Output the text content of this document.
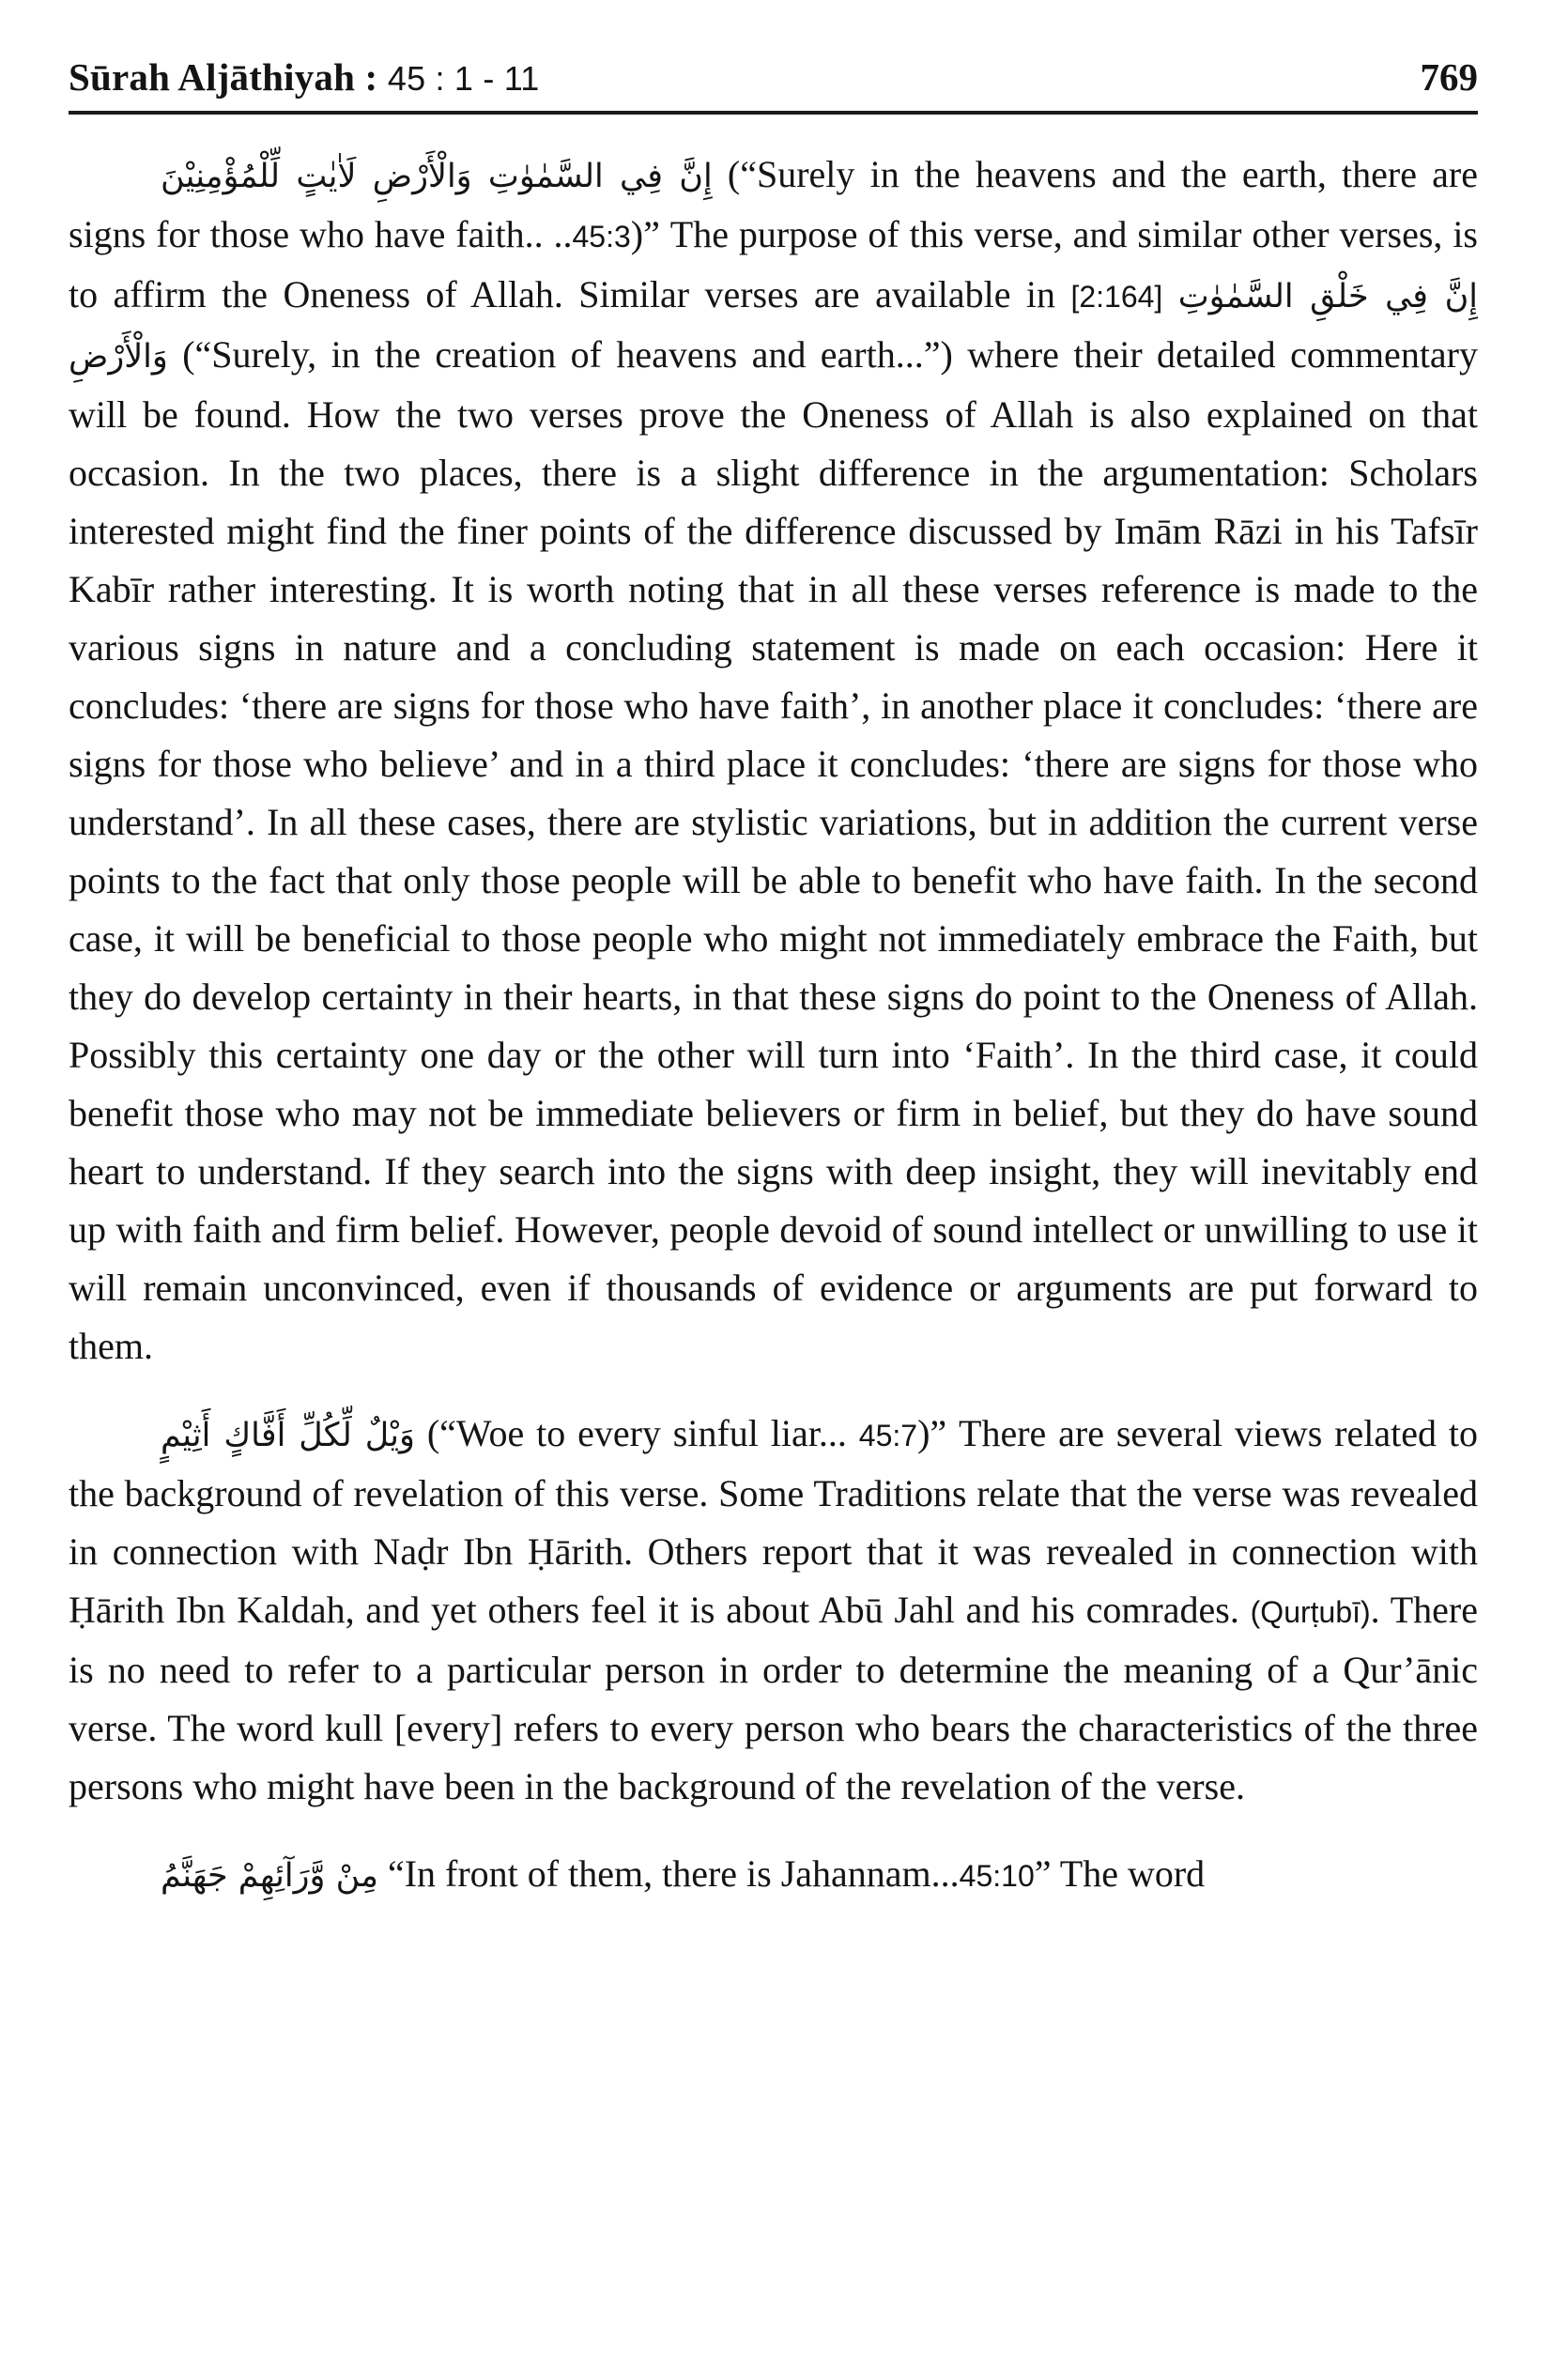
Sūrah Aljāthiyah : 45 : 1 - 11	769

إِنَّ فِي السَّمٰوٰتِ وَالْأَرْضِ لَاٰيٰتٍ لِّلْمُؤْمِنِيْنَ (“Surely in the heavens and the earth, there are signs for those who have faith.. ..45:3)” The purpose of this verse, and similar other verses, is to affirm the Oneness of Allah. Similar verses are available in [2:164] إِنَّ فِي خَلْقِ السَّمٰوٰتِ وَالْأَرْضِ (“Surely, in the creation of heavens and earth...”) where their detailed commentary will be found. How the two verses prove the Oneness of Allah is also explained on that occasion. In the two places, there is a slight difference in the argumentation: Scholars interested might find the finer points of the difference discussed by Imām Rāzi in his Tafsīr Kabīr rather interesting. It is worth noting that in all these verses reference is made to the various signs in nature and a concluding statement is made on each occasion: Here it concludes: ‘there are signs for those who have faith’, in another place it concludes: ‘there are signs for those who believe’ and in a third place it concludes: ‘there are signs for those who understand’. In all these cases, there are stylistic variations, but in addition the current verse points to the fact that only those people will be able to benefit who have faith. In the second case, it will be beneficial to those people who might not immediately embrace the Faith, but they do develop certainty in their hearts, in that these signs do point to the Oneness of Allah. Possibly this certainty one day or the other will turn into ‘Faith’. In the third case, it could benefit those who may not be immediate believers or firm in belief, but they do have sound heart to understand. If they search into the signs with deep insight, they will inevitably end up with faith and firm belief. However, people devoid of sound intellect or unwilling to use it will remain unconvinced, even if thousands of evidence or arguments are put forward to them.

وَيْلٌ لِّكُلِّ أَفَّاكٍ أَثِيْمٍ (“Woe to every sinful liar... 45:7)” There are several views related to the background of revelation of this verse. Some Traditions relate that the verse was revealed in connection with Naḍr Ibn Ḥārith. Others report that it was revealed in connection with Ḥārith Ibn Kaldah, and yet others feel it is about Abū Jahl and his comrades. (Qurṭubī). There is no need to refer to a particular person in order to determine the meaning of a Qur’ānic verse. The word kull [every] refers to every person who bears the characteristics of the three persons who might have been in the background of the revelation of the verse.

مِنْ وَّرَآئِهِمْ جَهَنَّمُ “In front of them, there is Jahannam...45:10” The word
